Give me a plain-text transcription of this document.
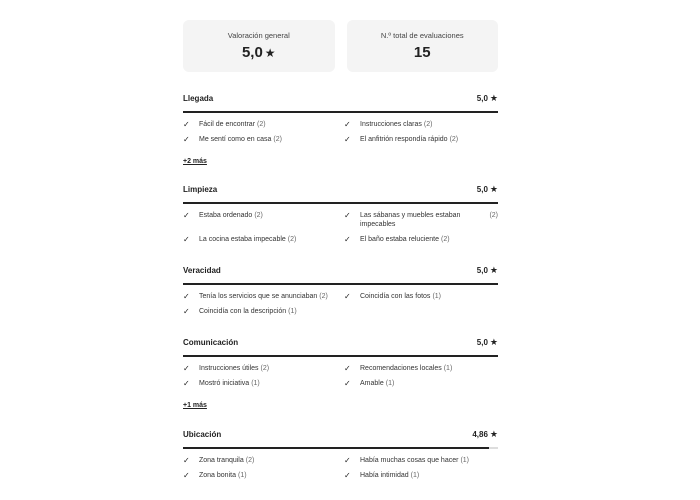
Valoración general
5,0 ★
N.º total de evaluaciones
15
Llegada	5,0 ★
✓	Fácil de encontrar (2)	✓	Instrucciones claras (2)
✓	Me sentí como en casa (2)	✓	El anfitrión respondía rápido (2)
+2 más
Limpieza	5,0 ★
✓	Estaba ordenado (2)	✓	Las sábanas y muebles estaban impecables
(2)
✓	La cocina estaba impecable (2)	✓	El baño estaba reluciente (2)
Veracidad	5,0 ★
✓	Tenía los servicios que se anunciaban (2)	✓	Coincidía con las fotos (1)
✓	Coincidía con la descripción (1)
Comunicación	5,0 ★
✓	Instrucciones útiles (2)	✓	Recomendaciones locales (1)
✓	Mostró iniciativa (1)	✓	Amable (1)
+1 más
Ubicación	4,86 ★
✓	Zona tranquila (2)	✓	Había muchas cosas que hacer (1)
✓	Zona bonita (1)	✓	Había intimidad (1)
